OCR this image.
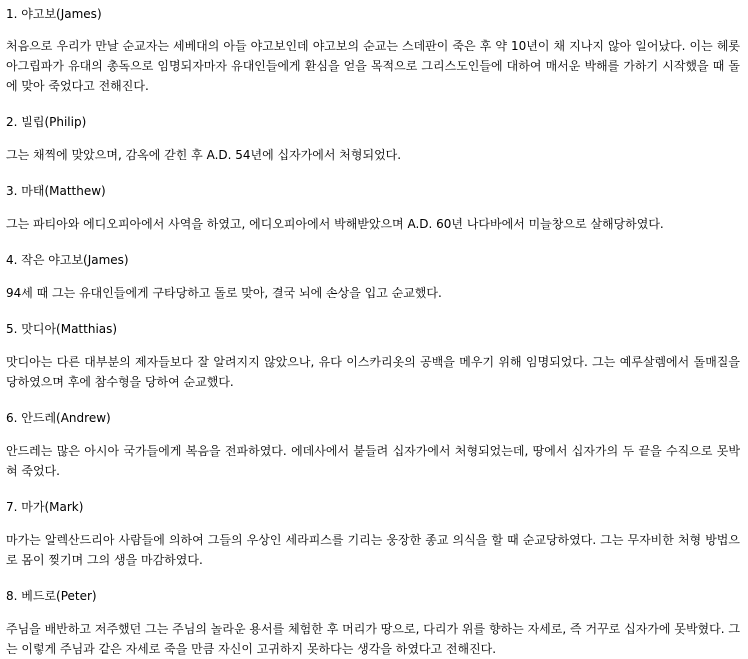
1. 야고보(James)
처음으로 우리가 만날 순교자는 세베대의 아들 야고보인데 야고보의 순교는 스데판이 죽은 후 약 10년이 채 지나지 않아 일어났다. 이는 헤롯 아그립파가 유대의 총독으로 임명되자마자 유대인들에게 환심을 얻을 목적으로 그리스도인들에 대하여 매서운 박해를 가하기 시작했을 때 돌에 맞아 죽었다고 전해진다.
2. 빌립(Philip)
그는 채찍에 맞았으며, 감옥에 갇힌 후 A.D. 54년에 십자가에서 처형되었다.
3. 마태(Matthew)
그는 파티아와 에디오피아에서 사역을 하였고, 에디오피아에서 박해받았으며 A.D. 60년 나다바에서 미늘창으로 살해당하였다.
4. 작은 야고보(James)
94세 때 그는 유대인들에게 구타당하고 돌로 맞아, 결국 뇌에 손상을 입고 순교했다.
5. 맛디아(Matthias)
맛디아는 다른 대부분의 제자들보다 잘 알려지지 않았으나, 유다 이스카리옷의 공백을 메우기 위해 임명되었다. 그는 예루살렘에서 돌매질을 당하였으며 후에 참수형을 당하여 순교했다.
6. 안드레(Andrew)
안드레는 많은 아시아 국가들에게 복음을 전파하였다. 에데사에서 붙들려 십자가에서 처형되었는데, 땅에서 십자가의 두 끝을 수직으로 못박혀 죽었다.
7. 마가(Mark)
마가는 알렉산드리아 사람들에 의하여 그들의 우상인 세라피스를 기리는 웅장한 종교 의식을 할 때 순교당하였다. 그는 무자비한 처형 방법으로 몸이 찢기며 그의 생을 마감하였다.
8. 베드로(Peter)
주님을 배반하고 저주했던 그는 주님의 놀라운 용서를 체험한 후 머리가 땅으로, 다리가 위를 향하는 자세로, 즉 거꾸로 십자가에 못박혔다. 그는 이렇게 주님과 같은 자세로 죽을 만큼 자신이 고귀하지 못하다는 생각을 하였다고 전해진다.
